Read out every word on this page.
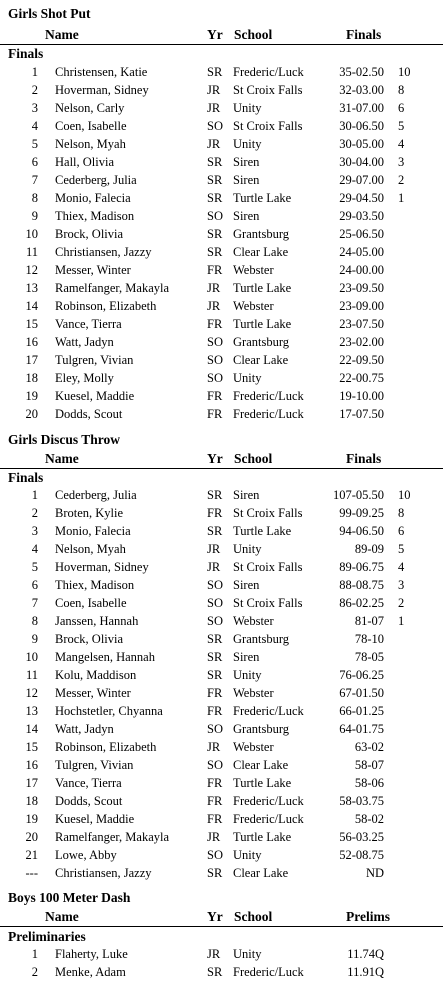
Girls Shot Put
Name	Yr School	Finals
Finals
1 Christensen, Katie	SR Frederic/Luck	35-02.50 10
2 Hoverman, Sidney	JR St Croix Falls	32-03.00 8
3 Nelson, Carly	JR Unity	31-07.00 6
4 Coen, Isabelle	SO St Croix Falls	30-06.50 5
5 Nelson, Myah	JR Unity	30-05.00 4
6 Hall, Olivia	SR Siren	30-04.00 3
7 Cederberg, Julia	SR Siren	29-07.00 2
8 Monio, Falecia	SR Turtle Lake	29-04.50 1
9 Thiex, Madison	SO Siren	29-03.50
10 Brock, Olivia	SR Grantsburg	25-06.50
11 Christiansen, Jazzy	SR Clear Lake	24-05.00
12 Messer, Winter	FR Webster	24-00.00
13 Ramelfanger, Makayla	JR Turtle Lake	23-09.50
14 Robinson, Elizabeth	JR Webster	23-09.00
15 Vance, Tierra	FR Turtle Lake	23-07.50
16 Watt, Jadyn	SO Grantsburg	23-02.00
17 Tulgren, Vivian	SO Clear Lake	22-09.50
18 Eley, Molly	SO Unity	22-00.75
19 Kuesel, Maddie	FR Frederic/Luck	19-10.00
20 Dodds, Scout	FR Frederic/Luck	17-07.50
Girls Discus Throw
Name	Yr School	Finals
Finals
1 Cederberg, Julia	SR Siren	107-05.50 10
2 Broten, Kylie	FR St Croix Falls	99-09.25 8
3 Monio, Falecia	SR Turtle Lake	94-06.50 6
4 Nelson, Myah	JR Unity	89-09 5
5 Hoverman, Sidney	JR St Croix Falls	89-06.75 4
6 Thiex, Madison	SO Siren	88-08.75 3
7 Coen, Isabelle	SO St Croix Falls	86-02.25 2
8 Janssen, Hannah	SO Webster	81-07 1
9 Brock, Olivia	SR Grantsburg	78-10
10 Mangelsen, Hannah	SR Siren	78-05
11 Kolu, Maddison	SR Unity	76-06.25
12 Messer, Winter	FR Webster	67-01.50
13 Hochstetler, Chyanna	FR Frederic/Luck	66-01.25
14 Watt, Jadyn	SO Grantsburg	64-01.75
15 Robinson, Elizabeth	JR Webster	63-02
16 Tulgren, Vivian	SO Clear Lake	58-07
17 Vance, Tierra	FR Turtle Lake	58-06
18 Dodds, Scout	FR Frederic/Luck	58-03.75
19 Kuesel, Maddie	FR Frederic/Luck	58-02
20 Ramelfanger, Makayla	JR Turtle Lake	56-03.25
21 Lowe, Abby	SO Unity	52-08.75
--- Christiansen, Jazzy	SR Clear Lake	ND
Boys 100 Meter Dash
Name	Yr School	Prelims
Preliminaries
1 Flaherty, Luke	JR Unity	11.74Q
2 Menke, Adam	SR Frederic/Luck	11.91Q
